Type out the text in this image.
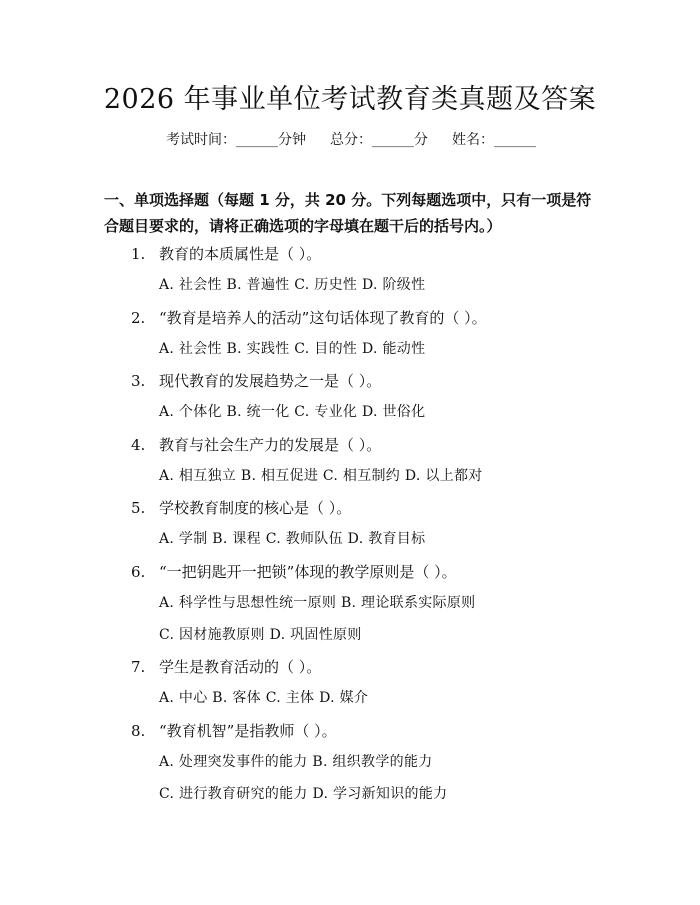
2026 年事业单位考试教育类真题及答案
考试时间：______分钟 总分：______分 姓名：______
一、单项选择题（每题 1 分，共 20 分。下列每题选项中，只有一项是符合题目要求的，请将正确选项的字母填在题干后的括号内。）
1. 教育的本质属性是（ ）。
A. 社会性 B. 普遍性 C. 历史性 D. 阶级性
2. “教育是培养人的活动”这句话体现了教育的（ ）。
A. 社会性 B. 实践性 C. 目的性 D. 能动性
3. 现代教育的发展趋势之一是（ ）。
A. 个体化 B. 统一化 C. 专业化 D. 世俗化
4. 教育与社会生产力的发展是（ ）。
A. 相互独立 B. 相互促进 C. 相互制约 D. 以上都对
5. 学校教育制度的核心是（ ）。
A. 学制 B. 课程 C. 教师队伍 D. 教育目标
6. “一把钥匙开一把锁”体现的教学原则是（ ）。
A. 科学性与思想性统一原则 B. 理论联系实际原则
C. 因材施教原则 D. 巩固性原则
7. 学生是教育活动的（ ）。
A. 中心 B. 客体 C. 主体 D. 媒介
8. “教育机智”是指教师（ ）。
A. 处理突发事件的能力 B. 组织教学的能力
C. 进行教育研究的能力 D. 学习新知识的能力
